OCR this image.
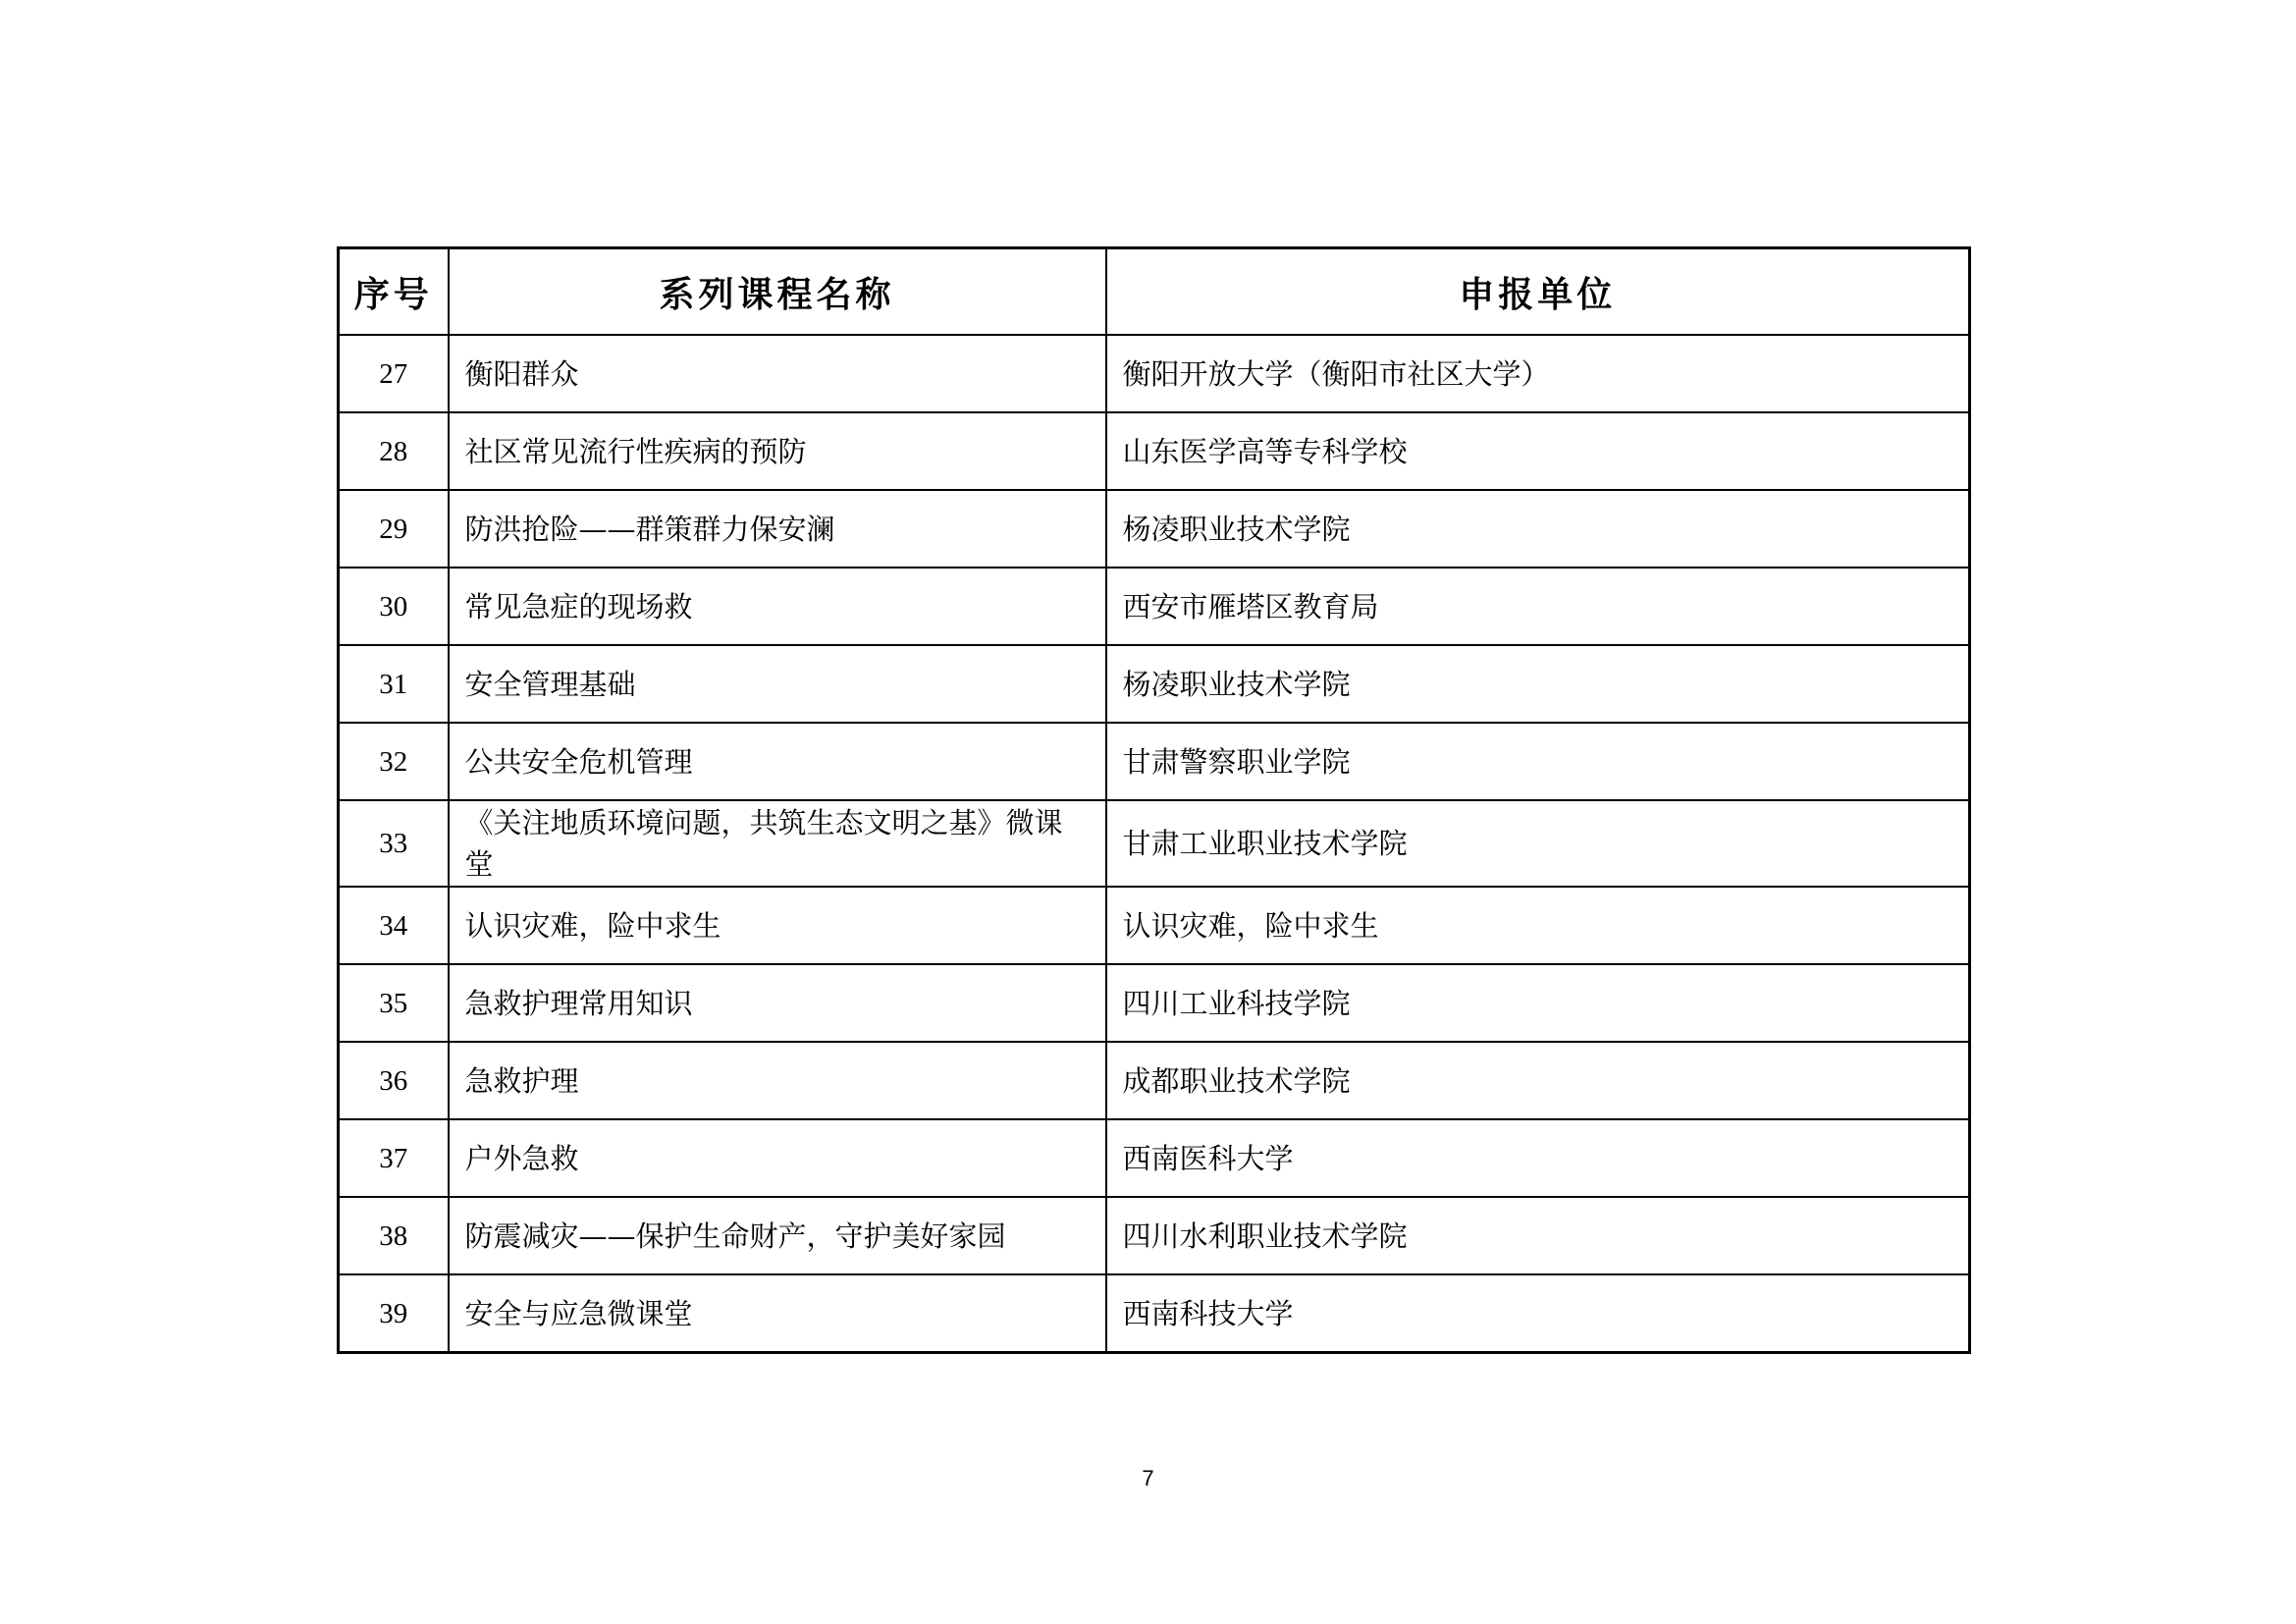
序号	系列课程名称	申报单位
27	衡阳群众	衡阳开放大学（衡阳市社区大学）
28	社区常见流行性疾病的预防	山东医学高等专科学校
29	防洪抢险——群策群力保安澜	杨凌职业技术学院
30	常见急症的现场救	西安市雁塔区教育局
31	安全管理基础	杨凌职业技术学院
32	公共安全危机管理	甘肃警察职业学院
33	《关注地质环境问题，共筑生态文明之基》微课堂	甘肃工业职业技术学院
34	认识灾难，险中求生	认识灾难，险中求生
35	急救护理常用知识	四川工业科技学院
36	急救护理	成都职业技术学院
37	户外急救	西南医科大学
38	防震减灾——保护生命财产，守护美好家园	四川水利职业技术学院
39	安全与应急微课堂	西南科技大学
7
